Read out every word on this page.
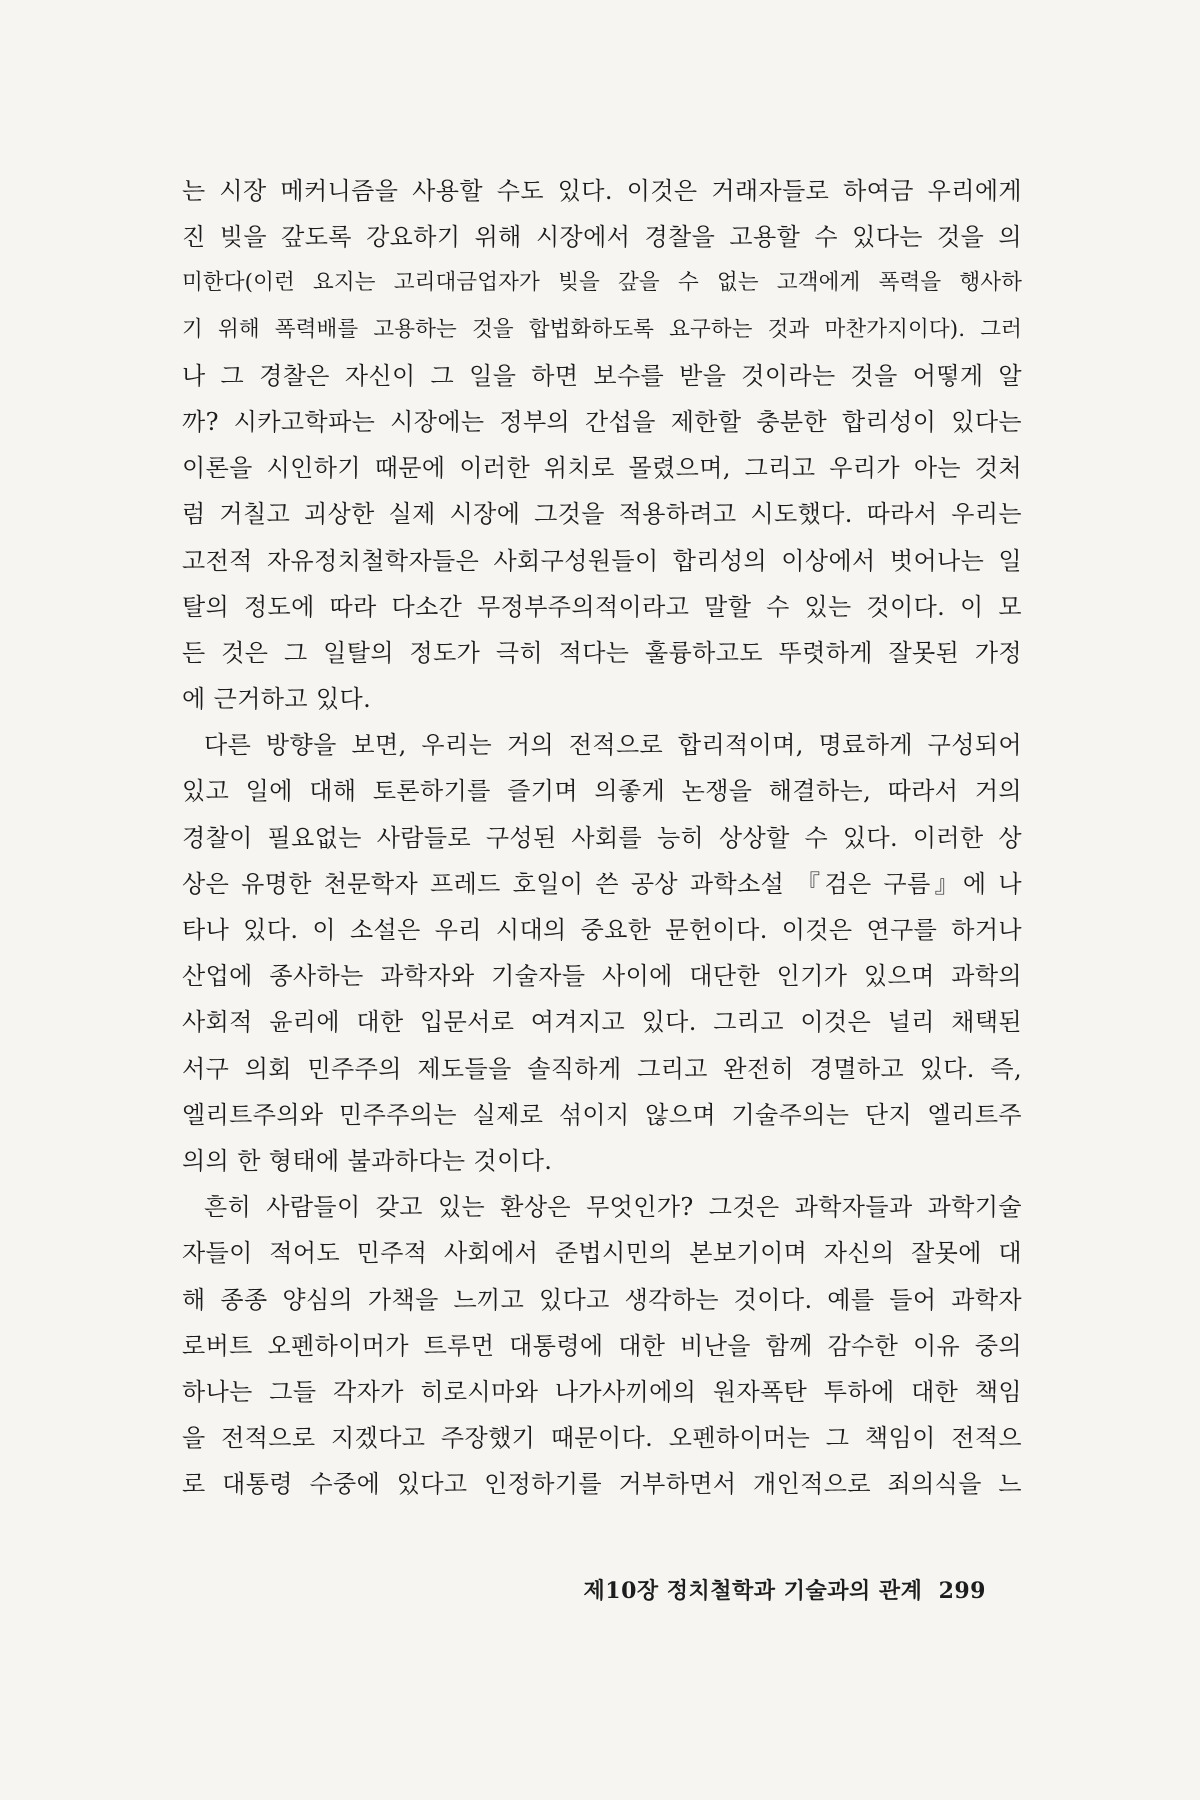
는 시장 메커니즘을 사용할 수도 있다. 이것은 거래자들로 하여금 우리에게
진 빚을 갚도록 강요하기 위해 시장에서 경찰을 고용할 수 있다는 것을 의
미한다(이런 요지는 고리대금업자가 빚을 갚을 수 없는 고객에게 폭력을 행사하
기 위해 폭력배를 고용하는 것을 합법화하도록 요구하는 것과 마찬가지이다). 그러
나 그 경찰은 자신이 그 일을 하면 보수를 받을 것이라는 것을 어떻게 알
까? 시카고학파는 시장에는 정부의 간섭을 제한할 충분한 합리성이 있다는
이론을 시인하기 때문에 이러한 위치로 몰렸으며, 그리고 우리가 아는 것처
럼 거칠고 괴상한 실제 시장에 그것을 적용하려고 시도했다. 따라서 우리는
고전적 자유정치철학자들은 사회구성원들이 합리성의 이상에서 벗어나는 일
탈의 정도에 따라 다소간 무정부주의적이라고 말할 수 있는 것이다. 이 모
든 것은 그 일탈의 정도가 극히 적다는 훌륭하고도 뚜렷하게 잘못된 가정
에 근거하고 있다.
다른 방향을 보면, 우리는 거의 전적으로 합리적이며, 명료하게 구성되어
있고 일에 대해 토론하기를 즐기며 의좋게 논쟁을 해결하는, 따라서 거의
경찰이 필요없는 사람들로 구성된 사회를 능히 상상할 수 있다. 이러한 상
상은 유명한 천문학자 프레드 호일이 쓴 공상 과학소설 『검은 구름』에 나
타나 있다. 이 소설은 우리 시대의 중요한 문헌이다. 이것은 연구를 하거나
산업에 종사하는 과학자와 기술자들 사이에 대단한 인기가 있으며 과학의
사회적 윤리에 대한 입문서로 여겨지고 있다. 그리고 이것은 널리 채택된
서구 의회 민주주의 제도들을 솔직하게 그리고 완전히 경멸하고 있다. 즉,
엘리트주의와 민주주의는 실제로 섞이지 않으며 기술주의는 단지 엘리트주
의의 한 형태에 불과하다는 것이다.
흔히 사람들이 갖고 있는 환상은 무엇인가? 그것은 과학자들과 과학기술
자들이 적어도 민주적 사회에서 준법시민의 본보기이며 자신의 잘못에 대
해 종종 양심의 가책을 느끼고 있다고 생각하는 것이다. 예를 들어 과학자
로버트 오펜하이머가 트루먼 대통령에 대한 비난을 함께 감수한 이유 중의
하나는 그들 각자가 히로시마와 나가사끼에의 원자폭탄 투하에 대한 책임
을 전적으로 지겠다고 주장했기 때문이다. 오펜하이머는 그 책임이 전적으
로 대통령 수중에 있다고 인정하기를 거부하면서 개인적으로 죄의식을 느
제10장 정치철학과 기술과의 관계 299
